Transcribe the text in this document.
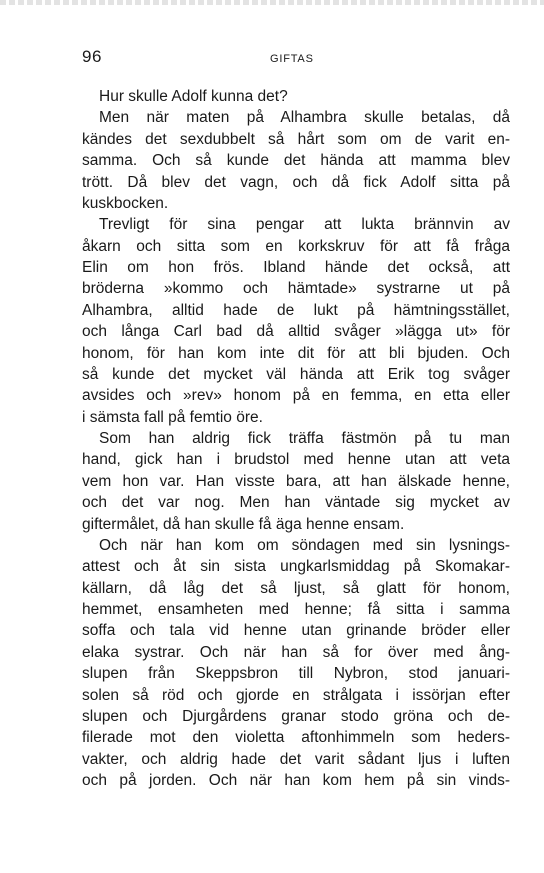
96	GIFTAS
Hur skulle Adolf kunna det?
Men när maten på Alhambra skulle betalas, då
kändes det sexdubbelt så hårt som om de varit en-
samma. Och så kunde det hända att mamma blev
trött. Då blev det vagn, och då fick Adolf sitta på
kuskbocken.
Trevligt för sina pengar att lukta brännvin av
åkarn och sitta som en korkskruv för att få fråga
Elin om hon frös. Ibland hände det också, att
bröderna »kommo och hämtade» systrarne ut på
Alhambra, alltid hade de lukt på hämtningsstället,
och långa Carl bad då alltid svåger »lägga ut» för
honom, för han kom inte dit för att bli bjuden. Och
så kunde det mycket väl hända att Erik tog svåger
avsides och »rev» honom på en femma, en etta eller
i sämsta fall på femtio öre.
Som han aldrig fick träffa fästmön på tu man
hand, gick han i brudstol med henne utan att veta
vem hon var. Han visste bara, att han älskade henne,
och det var nog. Men han väntade sig mycket av
giftermålet, då han skulle få äga henne ensam.
Och när han kom om söndagen med sin lysnings-
attest och åt sin sista ungkarlsmiddag på Skomakar-
källarn, då låg det så ljust, så glatt för honom,
hemmet, ensamheten med henne; få sitta i samma
soffa och tala vid henne utan grinande bröder eller
elaka systrar. Och när han så for över med ång-
slupen från Skeppsbron till Nybron, stod januari-
solen så röd och gjorde en strålgata i issörjan efter
slupen och Djurgårdens granar stodo gröna och de-
filerade mot den violetta aftonhimmeln som heders-
vakter, och aldrig hade det varit sådant ljus i luften
och på jorden. Och när han kom hem på sin vinds-
